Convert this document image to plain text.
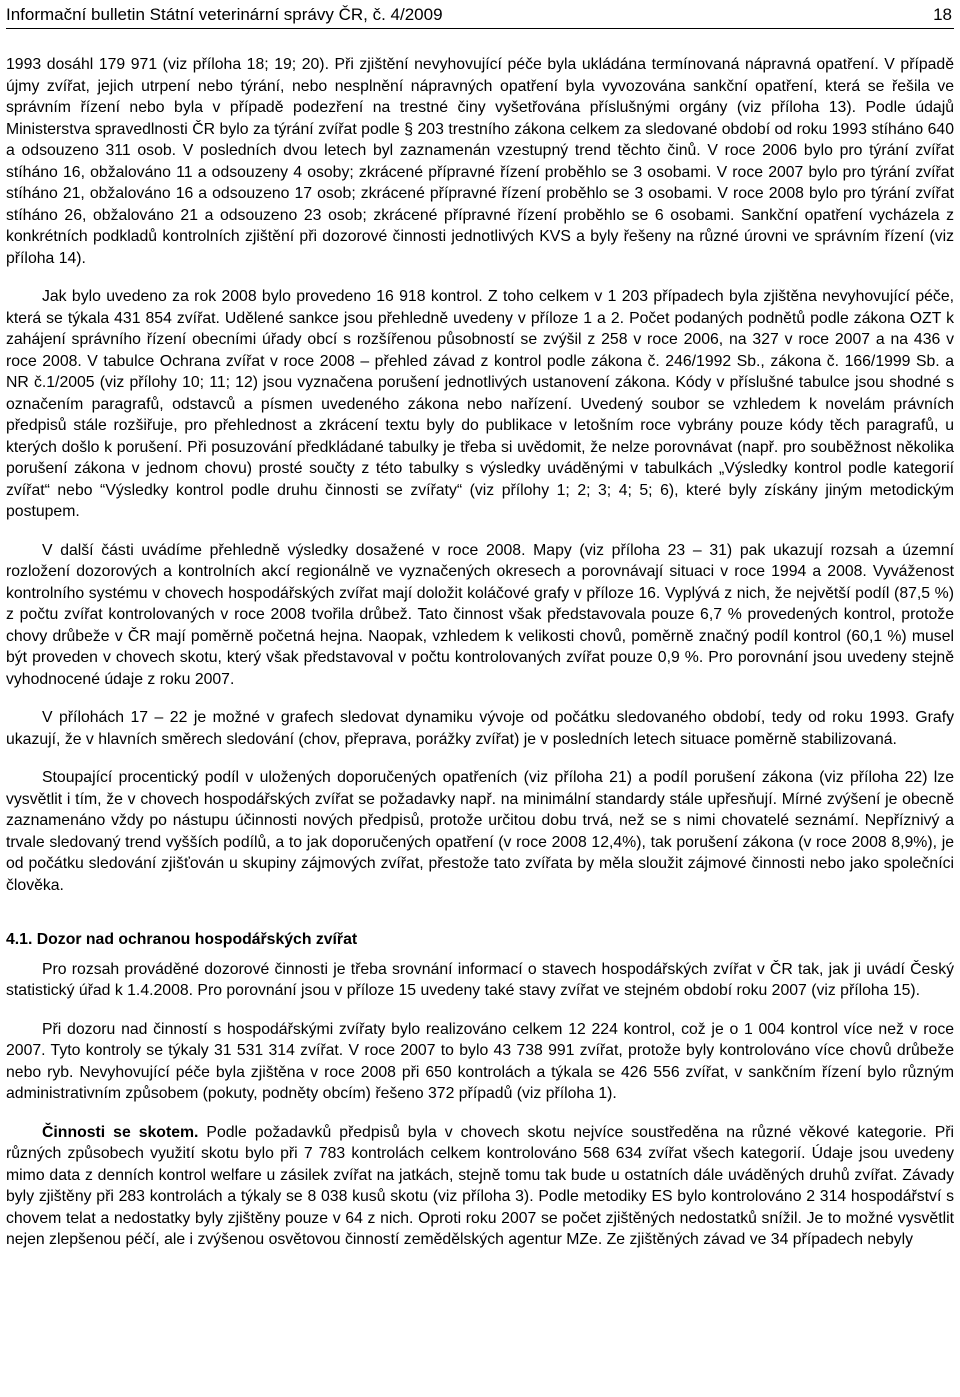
Informační bulletin Státní veterinární správy ČR, č. 4/2009	18

1993 dosáhl 179 971 (viz příloha 18; 19; 20). Při zjištění nevyhovující péče byla ukládána termínovaná nápravná opatření. V případě újmy zvířat, jejich utrpení nebo týrání, nebo nesplnění nápravných opatření byla vyvozována sankční opatření, která se řešila ve správním řízení nebo byla v případě podezření na trestné činy vyšetřována příslušnými orgány (viz příloha 13). Podle údajů Ministerstva spravedlnosti ČR bylo za týrání zvířat podle § 203 trestního zákona celkem za sledované období od roku 1993 stíháno 640 a odsouzeno 311 osob. V posledních dvou letech byl zaznamenán vzestupný trend těchto činů. V roce 2006 bylo pro týrání zvířat stíháno 16, obžalováno 11 a odsouzeny 4 osoby; zkrácené přípravné řízení proběhlo se 3 osobami. V roce 2007 bylo pro týrání zvířat stíháno 21, obžalováno 16 a odsouzeno 17 osob; zkrácené přípravné řízení proběhlo se 3 osobami. V roce 2008 bylo pro týrání zvířat stíháno 26, obžalováno 21 a odsouzeno 23 osob; zkrácené přípravné řízení proběhlo se 6 osobami. Sankční opatření vycházela z konkrétních podkladů kontrolních zjištění při dozorové činnosti jednotlivých KVS a byly řešeny na různé úrovni ve správním řízení (viz příloha 14).

Jak bylo uvedeno za rok 2008 bylo provedeno 16 918 kontrol. Z toho celkem v 1 203 případech byla zjištěna nevyhovující péče, která se týkala 431 854 zvířat. Udělené sankce jsou přehledně uvedeny v příloze 1 a 2. Počet podaných podnětů podle zákona OZT k zahájení správního řízení obecními úřady obcí s rozšířenou působností se zvýšil z 258 v roce 2006, na 327 v roce 2007 a na 436 v roce 2008. V tabulce Ochrana zvířat v roce 2008 – přehled závad z kontrol podle zákona č. 246/1992 Sb., zákona č. 166/1999 Sb. a NR č.1/2005 (viz přílohy 10; 11; 12) jsou vyznačena porušení jednotlivých ustanovení zákona. Kódy v příslušné tabulce jsou shodné s označením paragrafů, odstavců a písmen uvedeného zákona nebo nařízení. Uvedený soubor se vzhledem k novelám právních předpisů stále rozšiřuje, pro přehlednost a zkrácení textu byly do publikace v letošním roce vybrány pouze kódy těch paragrafů, u kterých došlo k porušení. Při posuzování předkládané tabulky je třeba si uvědomit, že nelze porovnávat (např. pro souběžnost několika porušení zákona v jednom chovu) prosté součty z této tabulky s výsledky uváděnými v tabulkách „Výsledky kontrol podle kategorií zvířat“ nebo “Výsledky kontrol podle druhu činnosti se zvířaty“ (viz přílohy 1; 2; 3; 4; 5; 6), které byly získány jiným metodickým postupem.

V další části uvádíme přehledně výsledky dosažené v roce 2008. Mapy (viz příloha 23 – 31) pak ukazují rozsah a územní rozložení dozorových a kontrolních akcí regionálně ve vyznačených okresech a porovnávají situaci v roce 1994 a 2008. Vyváženost kontrolního systému v chovech hospodářských zvířat mají doložit koláčové grafy v příloze 16. Vyplývá z nich, že největší podíl (87,5 %) z počtu zvířat kontrolovaných v roce 2008 tvořila drůbež. Tato činnost však představovala pouze 6,7 % provedených kontrol, protože chovy drůbeže v ČR mají poměrně početná hejna. Naopak, vzhledem k velikosti chovů, poměrně značný podíl kontrol (60,1 %) musel být proveden v chovech skotu, který však představoval v počtu kontrolovaných zvířat pouze 0,9 %. Pro porovnání jsou uvedeny stejně vyhodnocené údaje z roku 2007.

V přílohách 17 – 22 je možné v grafech sledovat dynamiku vývoje od počátku sledovaného období, tedy od roku 1993. Grafy ukazují, že v hlavních směrech sledování (chov, přeprava, porážky zvířat) je v posledních letech situace poměrně stabilizovaná.

Stoupající procentický podíl v uložených doporučených opatřeních (viz příloha 21) a podíl porušení zákona (viz příloha 22) lze vysvětlit i tím, že v chovech hospodářských zvířat se požadavky např. na minimální standardy stále upřesňují. Mírné zvýšení je obecně zaznamenáno vždy po nástupu účinnosti nových předpisů, protože určitou dobu trvá, než se s nimi chovatelé seznámí. Nepříznivý a trvale sledovaný trend vyšších podílů, a to jak doporučených opatření (v roce 2008 12,4%), tak porušení zákona (v roce 2008 8,9%), je od počátku sledování zjišťován u skupiny zájmových zvířat, přestože tato zvířata by měla sloužit zájmové činnosti nebo jako společníci člověka.

4.1. Dozor nad ochranou hospodářských zvířat

Pro rozsah prováděné dozorové činnosti je třeba srovnání informací o stavech hospodářských zvířat v ČR tak, jak ji uvádí Český statistický úřad k 1.4.2008. Pro porovnání jsou v příloze 15 uvedeny také stavy zvířat ve stejném období roku 2007 (viz příloha 15).

Při dozoru nad činností s hospodářskými zvířaty bylo realizováno celkem 12 224 kontrol, což je o 1 004 kontrol více než v roce 2007. Tyto kontroly se týkaly 31 531 314 zvířat. V roce 2007 to bylo 43 738 991 zvířat, protože byly kontrolováno více chovů drůbeže nebo ryb. Nevyhovující péče byla zjištěna v roce 2008 při 650 kontrolách a týkala se 426 556 zvířat, v sankčním řízení bylo různým administrativním způsobem (pokuty, podněty obcím) řešeno 372 případů (viz příloha 1).

Činnosti se skotem. Podle požadavků předpisů byla v chovech skotu nejvíce soustředěna na různé věkové kategorie. Při různých způsobech využití skotu bylo při 7 783 kontrolách celkem kontrolováno 568 634 zvířat všech kategorií. Údaje jsou uvedeny mimo data z denních kontrol welfare u zásilek zvířat na jatkách, stejně tomu tak bude u ostatních dále uváděných druhů zvířat. Závady byly zjištěny při 283 kontrolách a týkaly se 8 038 kusů skotu (viz příloha 3). Podle metodiky ES bylo kontrolováno 2 314 hospodářství s chovem telat a nedostatky byly zjištěny pouze v 64 z nich. Oproti roku 2007 se počet zjištěných nedostatků snížil. Je to možné vysvětlit nejen zlepšenou péčí, ale i zvýšenou osvětovou činností zemědělských agentur MZe. Ze zjištěných závad ve 34 případech nebyly
